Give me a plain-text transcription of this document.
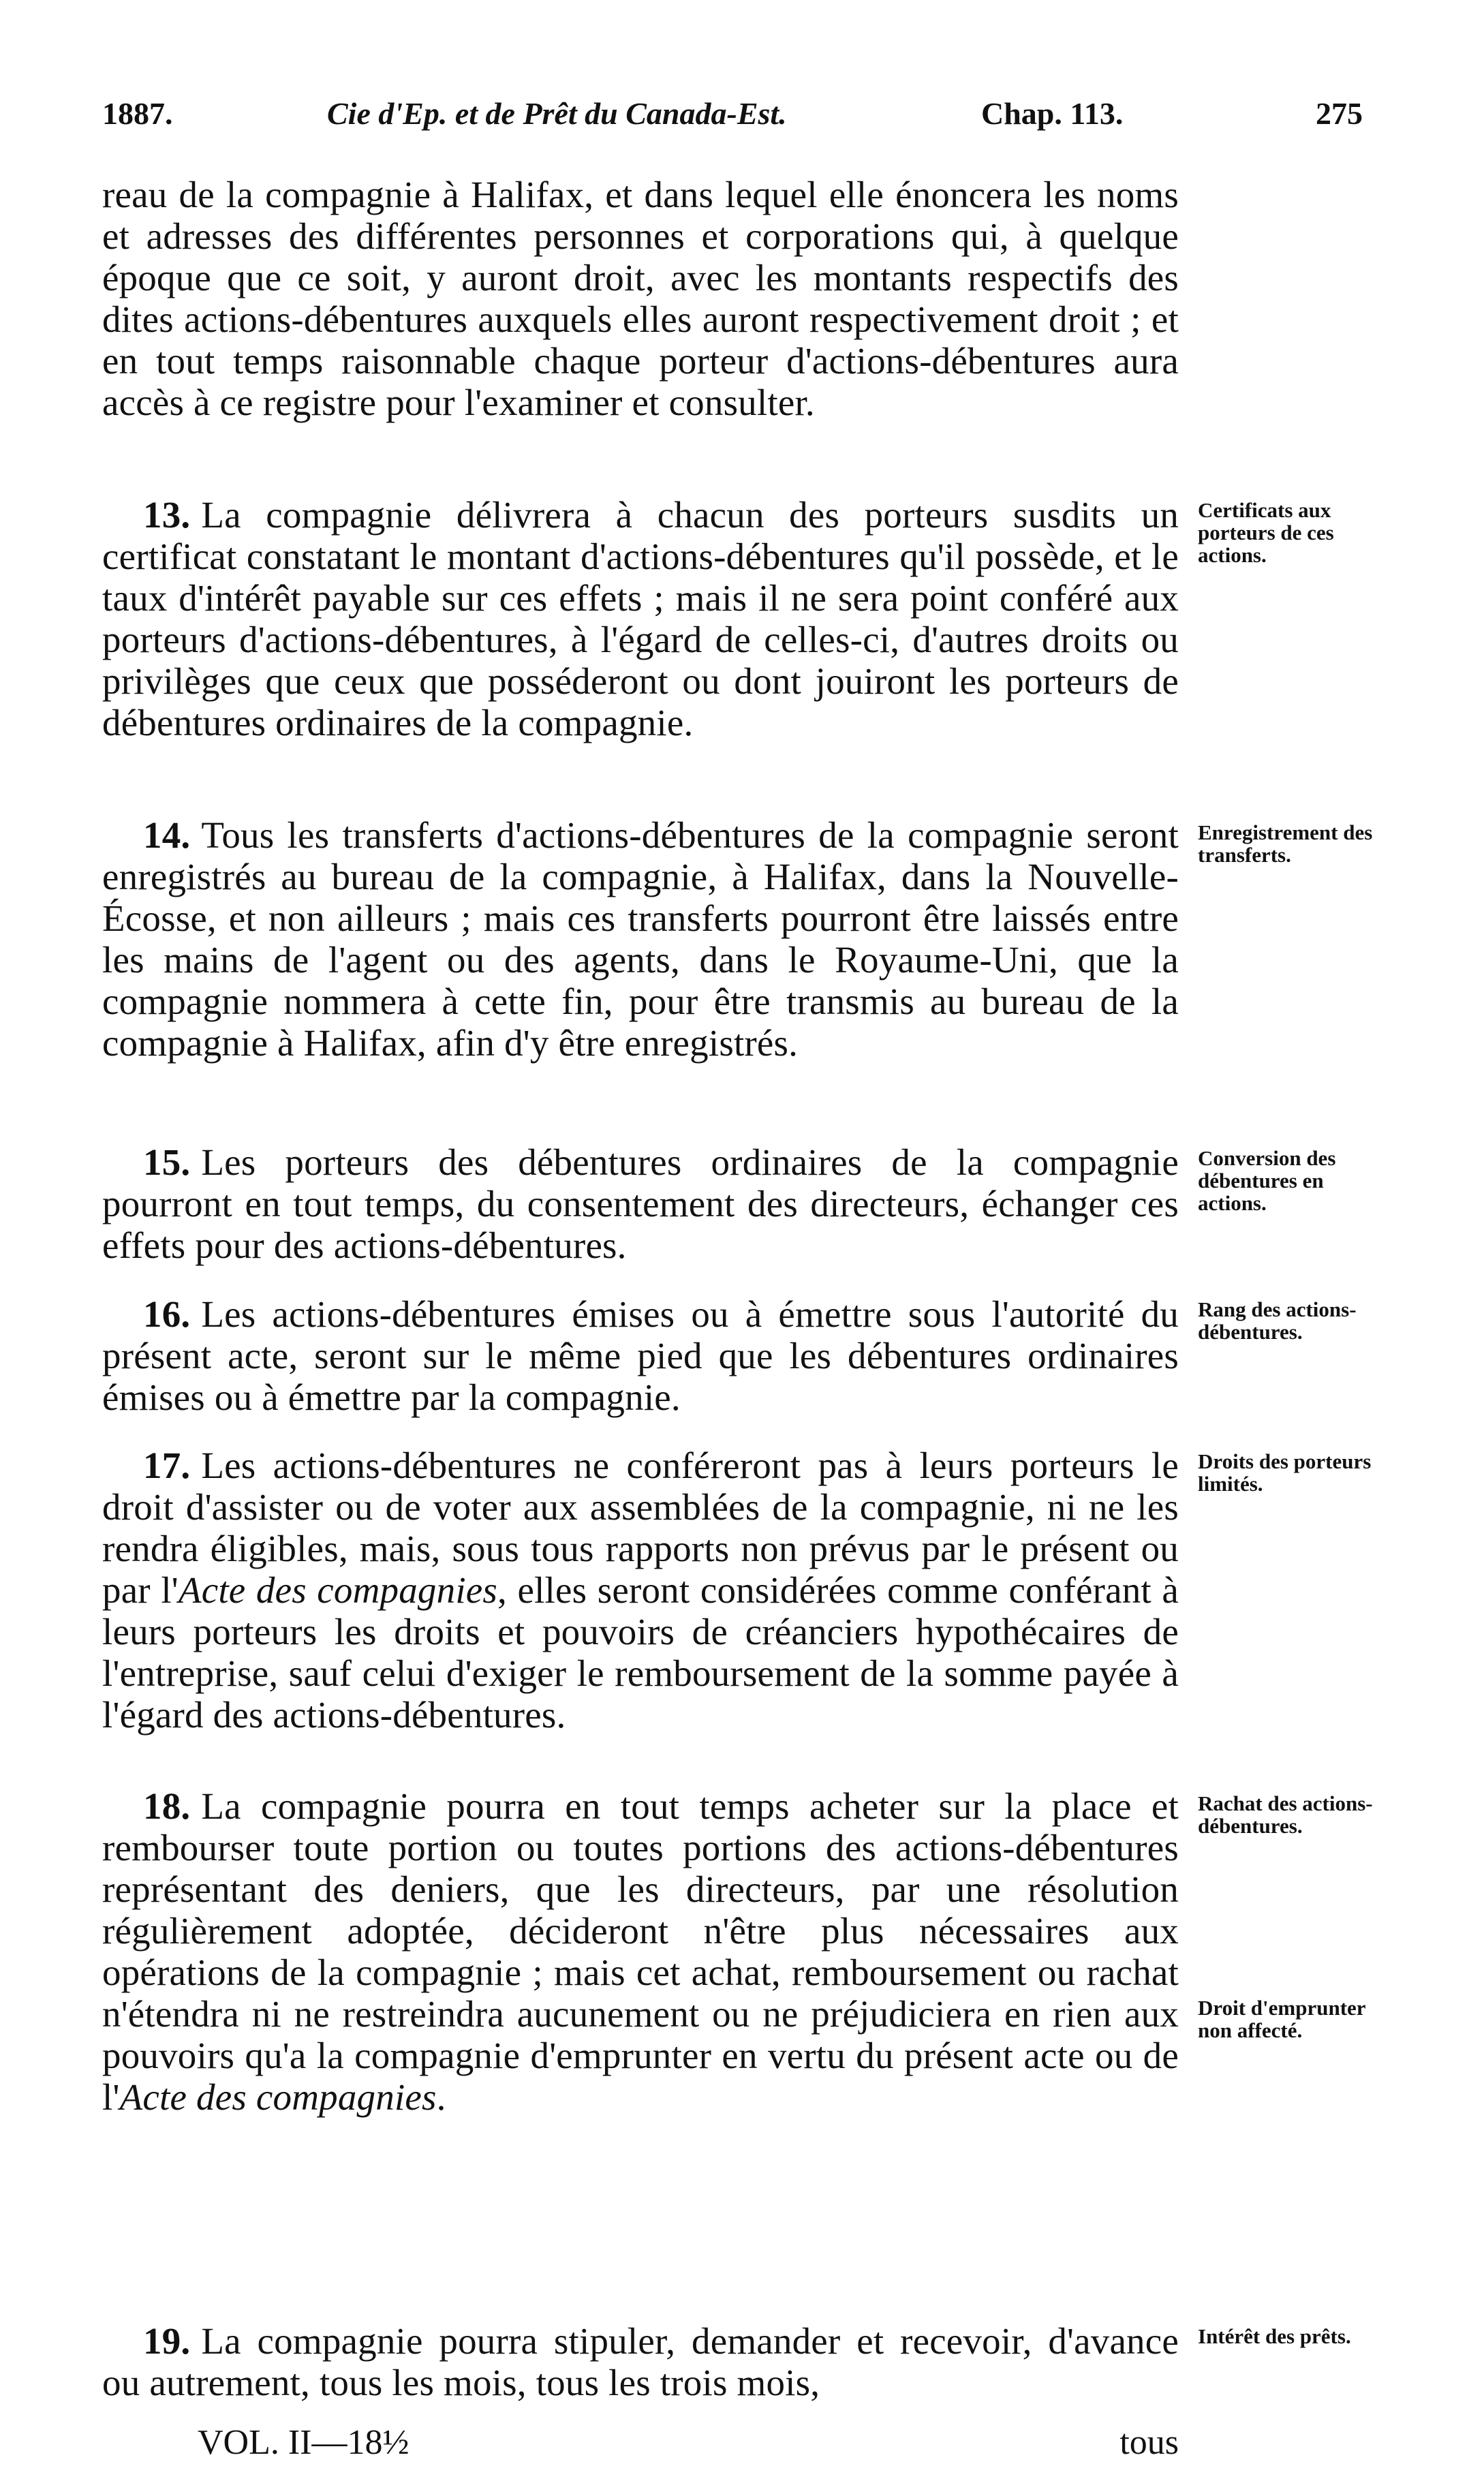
1887.	Cie d'Ep. et de Prêt du Canada-Est.	Chap. 113.	275
reau de la compagnie à Halifax, et dans lequel elle énoncera les noms et adresses des différentes personnes et corporations qui, à quelque époque que ce soit, y auront droit, avec les montants respectifs des dites actions-débentures auxquels elles auront respectivement droit ; et en tout temps raisonnable chaque porteur d'actions-débentures aura accès à ce registre pour l'examiner et consulter.
13. La compagnie délivrera à chacun des porteurs susdits un certificat constatant le montant d'actions-débentures qu'il possède, et le taux d'intérêt payable sur ces effets ; mais il ne sera point conféré aux porteurs d'actions-débentures, à l'égard de celles-ci, d'autres droits ou privilèges que ceux que posséderont ou dont jouiront les porteurs de débentures ordinaires de la compagnie.
Certificats aux porteurs de ces actions.
14. Tous les transferts d'actions-débentures de la compagnie seront enregistrés au bureau de la compagnie, à Halifax, dans la Nouvelle-Écosse, et non ailleurs ; mais ces transferts pourront être laissés entre les mains de l'agent ou des agents, dans le Royaume-Uni, que la compagnie nommera à cette fin, pour être transmis au bureau de la compagnie à Halifax, afin d'y être enregistrés.
Enregistrement des transferts.
15. Les porteurs des débentures ordinaires de la compagnie pourront en tout temps, du consentement des directeurs, échanger ces effets pour des actions-débentures.
Conversion des débentures en actions.
16. Les actions-débentures émises ou à émettre sous l'autorité du présent acte, seront sur le même pied que les débentures ordinaires émises ou à émettre par la compagnie.
Rang des actions-débentures.
17. Les actions-débentures ne conféreront pas à leurs porteurs le droit d'assister ou de voter aux assemblées de la compagnie, ni ne les rendra éligibles, mais, sous tous rapports non prévus par le présent ou par l'Acte des compagnies, elles seront considérées comme conférant à leurs porteurs les droits et pouvoirs de créanciers hypothécaires de l'entreprise, sauf celui d'exiger le remboursement de la somme payée à l'égard des actions-débentures.
Droits des porteurs limités.
18. La compagnie pourra en tout temps acheter sur la place et rembourser toute portion ou toutes portions des actions-débentures représentant des deniers, que les directeurs, par une résolution régulièrement adoptée, décideront n'être plus nécessaires aux opérations de la compagnie ; mais cet achat, remboursement ou rachat n'étendra ni ne restreindra aucunement ou ne préjudiciera en rien aux pouvoirs qu'a la compagnie d'emprunter en vertu du présent acte ou de l'Acte des compagnies.
Rachat des actions-débentures.
Droit d'emprunter non affecté.
19. La compagnie pourra stipuler, demander et recevoir, d'avance ou autrement, tous les mois, tous les trois mois,
Intérêt des prêts.
VOL. II—18½	tous
